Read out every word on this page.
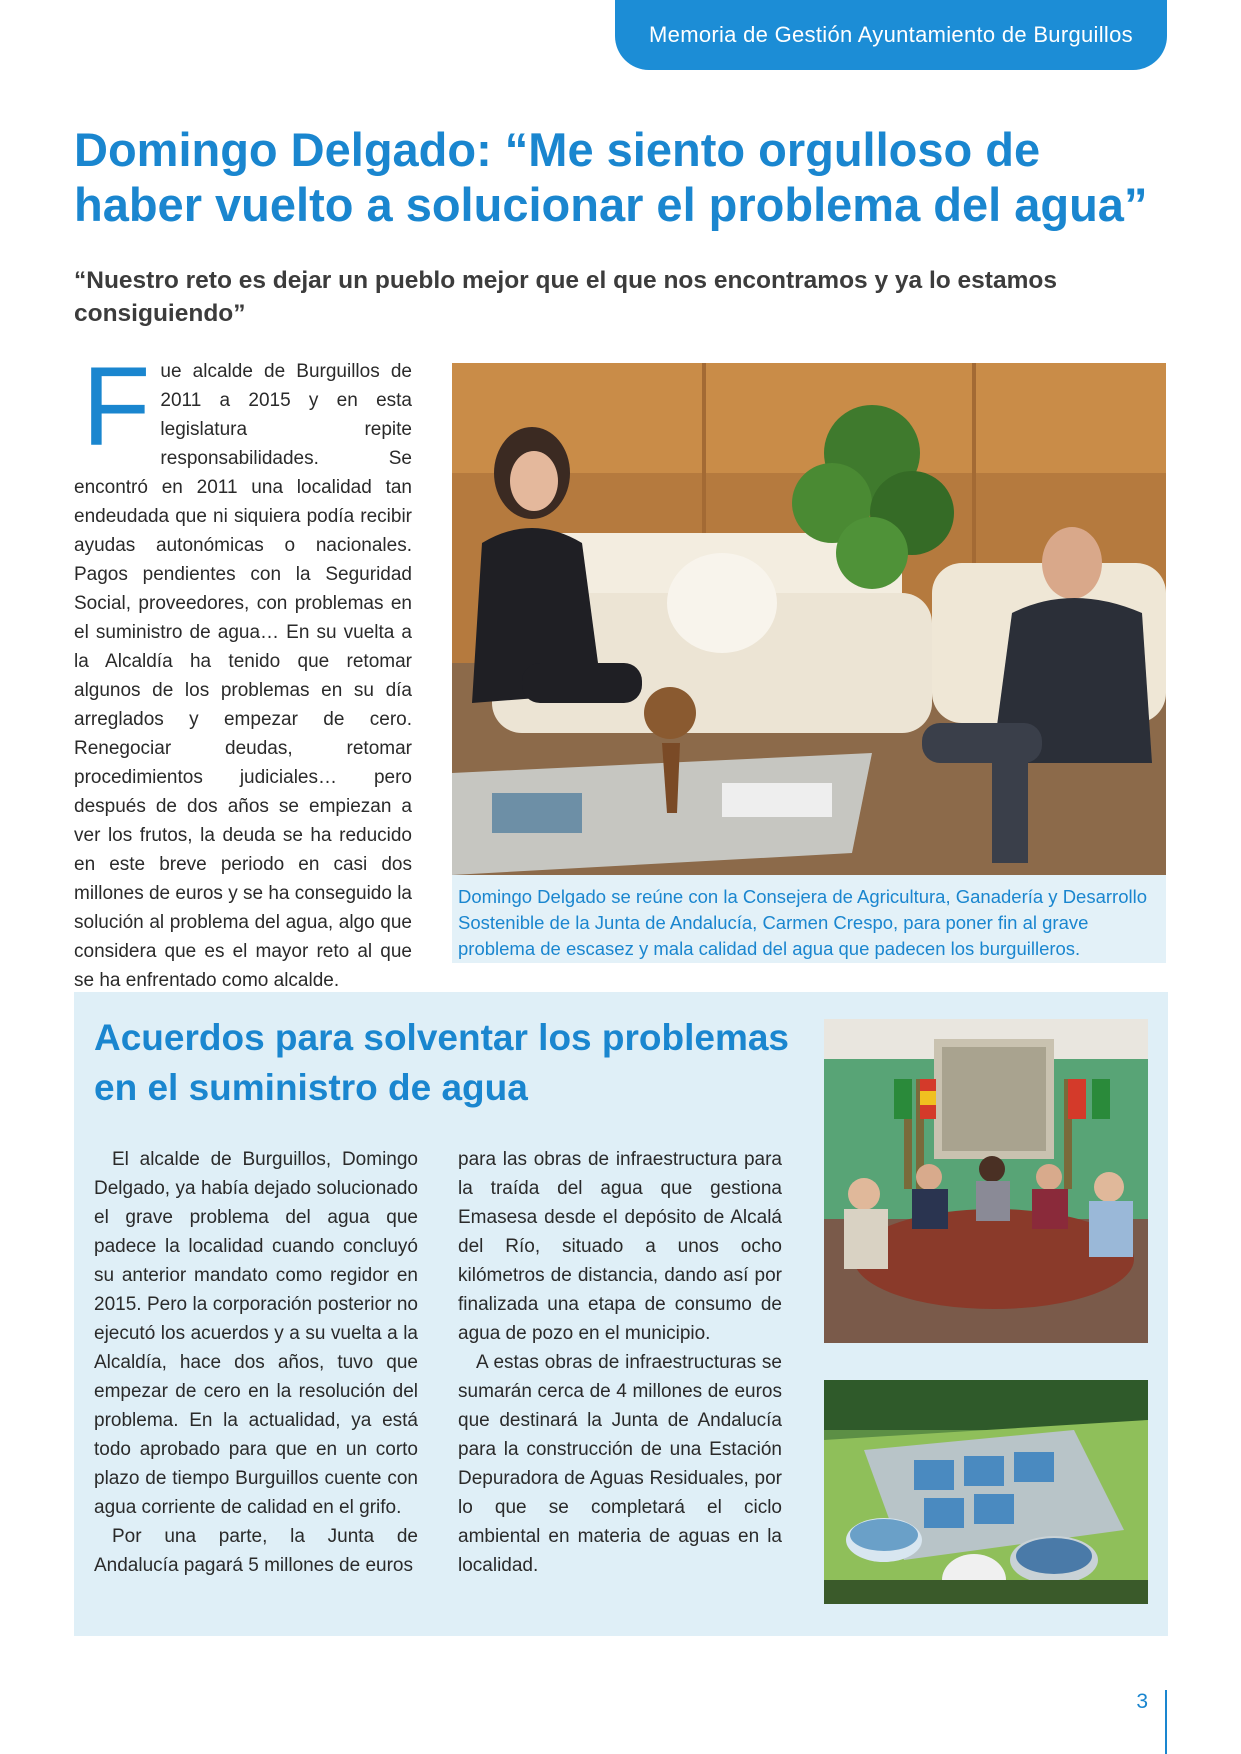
Memoria de Gestión Ayuntamiento de Burguillos
Domingo Delgado: “Me siento orgulloso de
haber vuelto a solucionar el problema del agua”
“Nuestro reto es dejar un pueblo mejor que el que nos encontramos y ya lo estamos consiguiendo”
F ue alcalde de Burguillos de 2011 a 2015 y en esta legislatura repite responsabilidades. Se encontró en 2011 una localidad tan endeudada que ni siquiera podía recibir ayudas autonómicas o nacionales. Pagos pendientes con la Seguridad Social, proveedores, con problemas en el suministro de agua… En su vuelta a la Alcaldía ha tenido que retomar algunos de los problemas en su día arreglados y empezar de cero. Renegociar deudas, retomar procedimientos judiciales… pero después de dos años se empiezan a ver los frutos, la deuda se ha reducido en este breve periodo en casi dos millones de euros y se ha conseguido la solución al problema del agua, algo que considera que es el mayor reto al que se ha enfrentado como alcalde.
Domingo Delgado se reúne con la Consejera de Agricultura, Ganadería y Desarrollo Sostenible de la Junta de Andalucía, Carmen Crespo, para poner fin al grave problema de escasez y mala calidad del agua que padecen los burguilleros.
Acuerdos para solventar los problemas en el suministro de agua

El alcalde de Burguillos, Domingo Delgado, ya había dejado solucionado el grave problema del agua que padece la localidad cuando concluyó su anterior mandato como regidor en 2015. Pero la corporación posterior no ejecutó los acuerdos y a su vuelta a la Alcaldía, hace dos años, tuvo que empezar de cero en la resolución del problema. En la actualidad, ya está todo aprobado para que en un corto plazo de tiempo Burguillos cuente con agua corriente de calidad en el grifo.

Por una parte, la Junta de Andalucía pagará 5 millones de euros

para las obras de infraestructura para la traída del agua que gestiona Emasesa desde el depósito de Alcalá del Río, situado a unos ocho kilómetros de distancia, dando así por finalizada una etapa de consumo de agua de pozo en el municipio.

A estas obras de infraestructuras se sumarán cerca de 4 millones de euros que destinará la Junta de Andalucía para la construcción de una Estación Depuradora de Aguas Residuales, por lo que se completará el ciclo ambiental en materia de aguas en la localidad.

3
